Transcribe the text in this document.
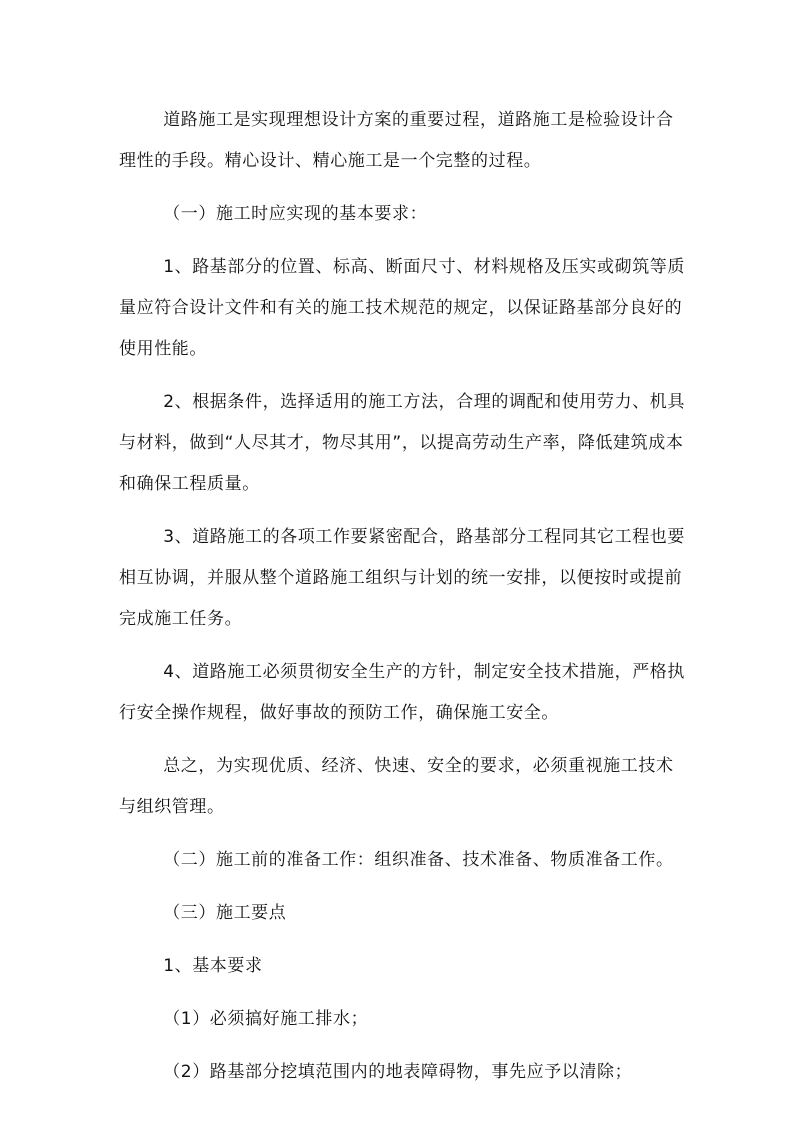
道路施工是实现理想设计方案的重要过程，道路施工是检验设计合理性的手段。精心设计、精心施工是一个完整的过程。

（一）施工时应实现的基本要求：

1、路基部分的位置、标高、断面尺寸、材料规格及压实或砌筑等质量应符合设计文件和有关的施工技术规范的规定，以保证路基部分良好的使用性能。

2、根据条件，选择适用的施工方法，合理的调配和使用劳力、机具与材料，做到“人尽其才，物尽其用”，以提高劳动生产率，降低建筑成本和确保工程质量。

3、道路施工的各项工作要紧密配合，路基部分工程同其它工程也要相互协调，并服从整个道路施工组织与计划的统一安排，以便按时或提前完成施工任务。

4、道路施工必须贯彻安全生产的方针，制定安全技术措施，严格执行安全操作规程，做好事故的预防工作，确保施工安全。

总之，为实现优质、经济、快速、安全的要求，必须重视施工技术与组织管理。

（二）施工前的准备工作：组织准备、技术准备、物质准备工作。

（三）施工要点

1、基本要求

（1）必须搞好施工排水；

（2）路基部分挖填范围内的地表障碍物，事先应予以清除；
